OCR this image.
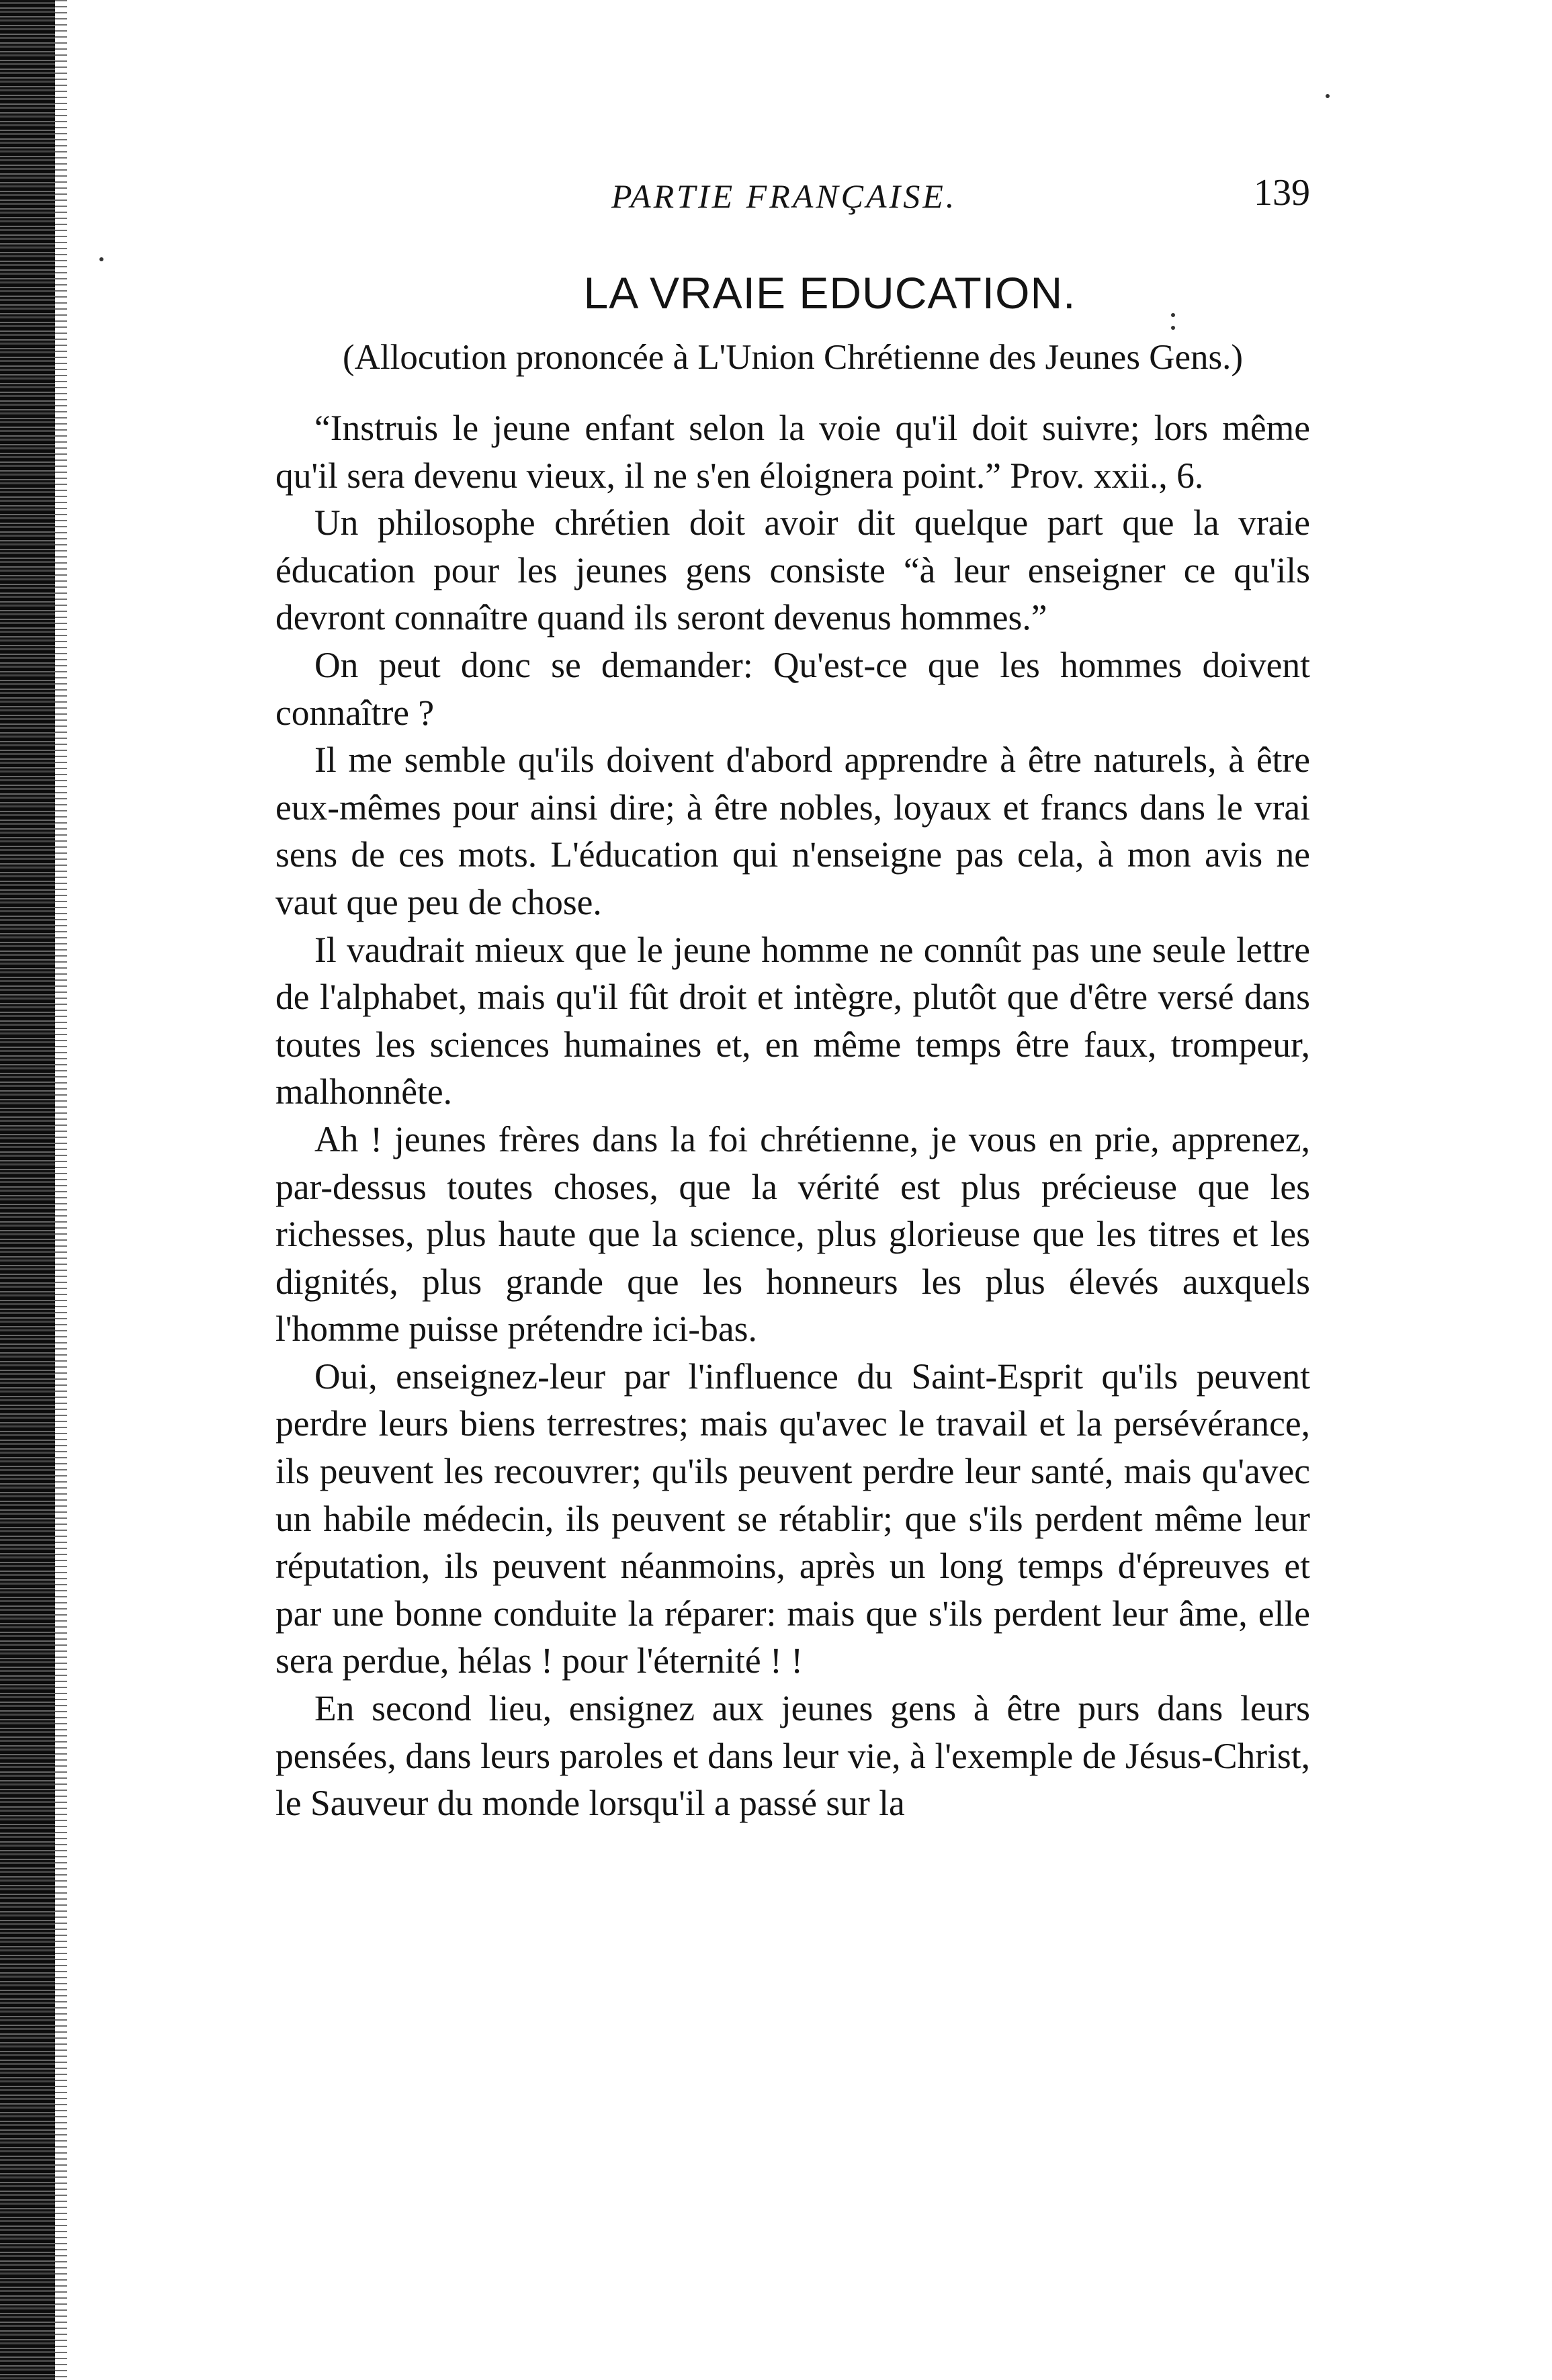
PARTIE FRANÇAISE.	139
LA VRAIE EDUCATION.
(Allocution prononcée à L'Union Chrétienne des Jeunes Gens.)

“Instruis le jeune enfant selon la voie qu'il doit suivre; lors même qu'il sera devenu vieux, il ne s'en éloignera point.” Prov. xxii., 6.

Un philosophe chrétien doit avoir dit quelque part que la vraie éducation pour les jeunes gens consiste “à leur enseigner ce qu'ils devront connaître quand ils seront devenus hommes.”

On peut donc se demander: Qu'est-ce que les hommes doivent connaître ?

Il me semble qu'ils doivent d'abord apprendre à être naturels, à être eux-mêmes pour ainsi dire; à être nobles, loyaux et francs dans le vrai sens de ces mots. L'éducation qui n'enseigne pas cela, à mon avis ne vaut que peu de chose.

Il vaudrait mieux que le jeune homme ne connût pas une seule lettre de l'alphabet, mais qu'il fût droit et intègre, plutôt que d'être versé dans toutes les sciences humaines et, en même temps être faux, trompeur, malhonnête.

Ah ! jeunes frères dans la foi chrétienne, je vous en prie, apprenez, par-dessus toutes choses, que la vérité est plus précieuse que les richesses, plus haute que la science, plus glorieuse que les titres et les dignités, plus grande que les honneurs les plus élevés auxquels l'homme puisse prétendre ici-bas.

Oui, enseignez-leur par l'influence du Saint-Esprit qu'ils peuvent perdre leurs biens terrestres; mais qu'avec le travail et la persévérance, ils peuvent les recouvrer; qu'ils peuvent perdre leur santé, mais qu'avec un habile médecin, ils peuvent se rétablir; que s'ils perdent même leur réputation, ils peuvent néanmoins, après un long temps d'épreuves et par une bonne conduite la réparer: mais que s'ils perdent leur âme, elle sera perdue, hélas ! pour l'éternité ! !

En second lieu, ensignez aux jeunes gens à être purs dans leurs pensées, dans leurs paroles et dans leur vie, à l'exemple de Jésus-Christ, le Sauveur du monde lorsqu'il a passé sur la
